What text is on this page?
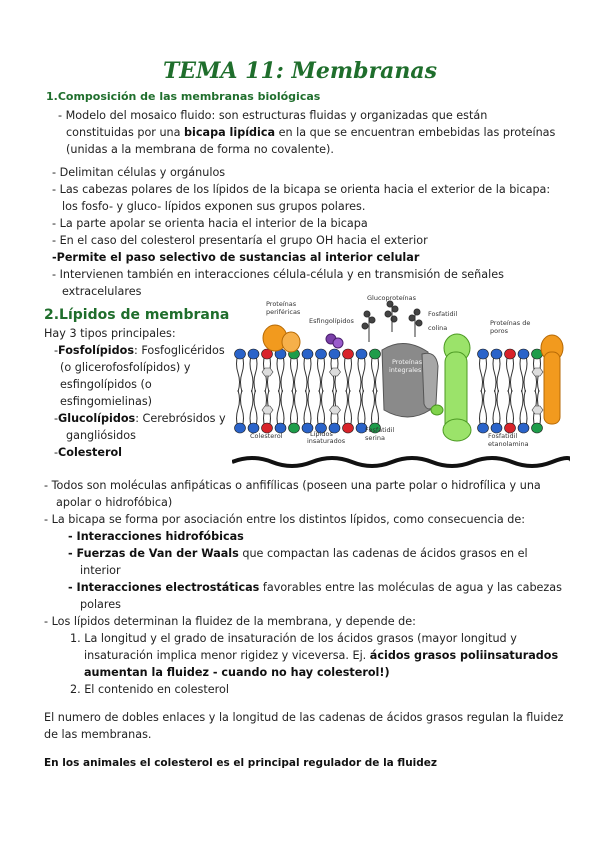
TEMA 11: Membranas
1.Composición de las membranas biológicas
- Modelo del mosaico fluido: son estructuras fluidas y organizadas que están
constituidas por una bicapa lipídica en la que se encuentran embebidas las proteínas
(unidas a la membrana de forma no covalente).
- Delimitan células y orgánulos
- Las cabezas polares de los lípidos de la bicapa se orienta hacia el exterior de la bicapa:
los fosfo- y gluco- lípidos exponen sus grupos polares.
- La parte apolar se orienta hacia el interior de la bicapa
- En el caso del colesterol presentaría el grupo OH hacia el exterior
-Permite el paso selectivo de sustancias al interior celular
- Intervienen también en interacciones célula-célula y en transmisión de señales
extracelulares
2.Lípidos de membrana
Hay 3 tipos principales:
-Fosfolípidos: Fosfoglicéridos
(o glicerofosfolípidos) y
esfingolípidos (o
esfingomielinas)
-Glucolípidos: Cerebrósidos y
gangliósidos
-Colesterol
Proteínas
periféricas
Esfingolípidos
Glucoproteínas
Fosfatidil
colina
Proteínas de
poros
Proteínas
integrales
Colesterol	Lípidos
insaturados
Fosfatidil
serina	Fosfatidil
etanolamina
- Todos son moléculas anfipáticas o anfifílicas (poseen una parte polar o hidrofílica y una
apolar o hidrofóbica)
- La bicapa se forma por asociación entre los distintos lípidos, como consecuencia de:
- Interacciones hidrofóbicas
- Fuerzas de Van der Waals que compactan las cadenas de ácidos grasos en el
interior
- Interacciones electrostáticas favorables entre las moléculas de agua y las cabezas
polares
- Los lípidos determinan la fluidez de la membrana, y depende de:
1. La longitud y el grado de insaturación de los ácidos grasos (mayor longitud y
insaturación implica menor rigidez y viceversa. Ej. ácidos grasos poliinsaturados
aumentan la fluidez - cuando no hay colesterol!)
2. El contenido en colesterol
El numero de dobles enlaces y la longitud de las cadenas de ácidos grasos regulan la fluidez
de las membranas.
En los animales el colesterol es el principal regulador de la fluidez
